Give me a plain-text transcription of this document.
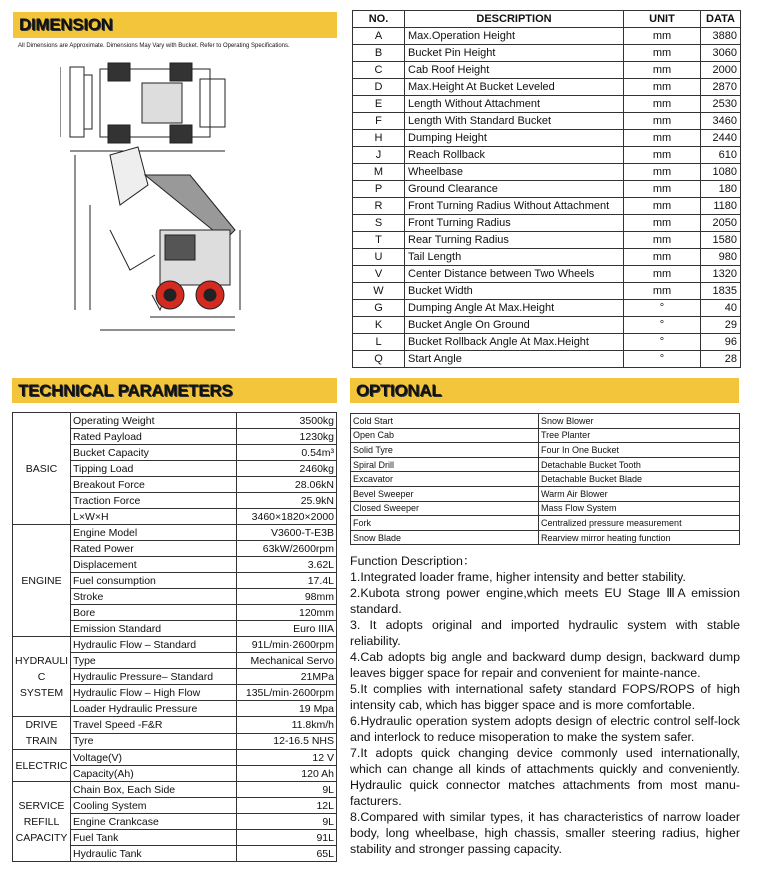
DIMENSION
All Dimensions are Approximate. Dimensions May Vary with Bucket. Refer to Operating Specifications.
NO.	DESCRIPTION	UNIT	DATA
A	Max.Operation Height	mm	3880
B	Bucket Pin Height	mm	3060
C	Cab Roof Height	mm	2000
D	Max.Height At Bucket Leveled	mm	2870
E	Length Without Attachment	mm	2530
F	Length With Standard Bucket	mm	3460
H	Dumping Height	mm	2440
J	Reach Rollback	mm	610
M	Wheelbase	mm	1080
P	Ground Clearance	mm	180
R	Front Turning Radius Without Attachment	mm	1180
S	Front Turning Radius	mm	2050
T	Rear Turning Radius	mm	1580
U	Tail Length	mm	980
V	Center Distance between Two Wheels	mm	1320
W	Bucket Width	mm	1835
G	Dumping Angle At Max.Height	°	40
K	Bucket Angle On Ground	°	29
L	Bucket Rollback Angle At Max.Height	°	96
Q	Start Angle	°	28
TECHNICAL PARAMETERS	OPTIONAL
BASIC	Operating Weight	3500kg
	Rated Payload	1230kg
	Bucket Capacity	0.54m³
	Tipping Load	2460kg
	Breakout Force	28.06kN
	Traction Force	25.9kN
	L×W×H	3460×1820×2000
ENGINE	Engine Model	V3600-T-E3B
	Rated Power	63kW/2600rpm
	Displacement	3.62L
	Fuel consumption	17.4L
	Stroke	98mm
	Bore	120mm
	Emission Standard	Euro IIIA
HYDRAULI C SYSTEM	Hydraulic Flow – Standard	91L/min·2600rpm
	Type	Mechanical Servo
	Hydraulic Pressure– Standard	21MPa
	Hydraulic Flow – High Flow	135L/min·2600rpm
	Loader Hydraulic Pressure	19 Mpa
DRIVE TRAIN	Travel Speed -F&R	11.8km/h
	Tyre	12-16.5 NHS
ELECTRIC	Voltage(V)	12 V
	Capacity(Ah)	120 Ah
SERVICE REFILL CAPACITY	Chain Box, Each Side	9L
	Cooling System	12L
	Engine Crankcase	9L
	Fuel Tank	91L
	Hydraulic Tank	65L
Cold Start	Snow Blower
Open Cab	Tree Planter
Solid Tyre	Four In One Bucket
Spiral Drill	Detachable Bucket Tooth
Excavator	Detachable Bucket Blade
Bevel Sweeper	Warm Air Blower
Closed Sweeper	Mass Flow System
Fork	Centralized pressure measurement
Snow Blade	Rearview mirror heating function

Function Description：

1.Integrated loader frame, higher intensity and better stability.

2.Kubota strong power engine,which meets EU Stage ⅢA emission standard.

3. It adopts original and imported hydraulic system with stable reliability.

4.Cab adopts big angle and backward dump design, backward dump leaves bigger space for repair and convenient for mainte-nance.

5.It complies with international safety standard FOPS/ROPS of high intensity cab, which has bigger space and is more comfortable.

6.Hydraulic operation system adopts design of electric control self-lock and interlock to reduce misoperation to make the system safer.

7.It adopts quick changing device commonly used internationally, which can change all kinds of attachments quickly and conveniently. Hydraulic quick connector matches attachments from most manu-facturers.

8.Compared with similar types, it has characteristics of narrow loader body, long wheelbase, high chassis, smaller steering radius, higher stability and stronger passing capacity.
